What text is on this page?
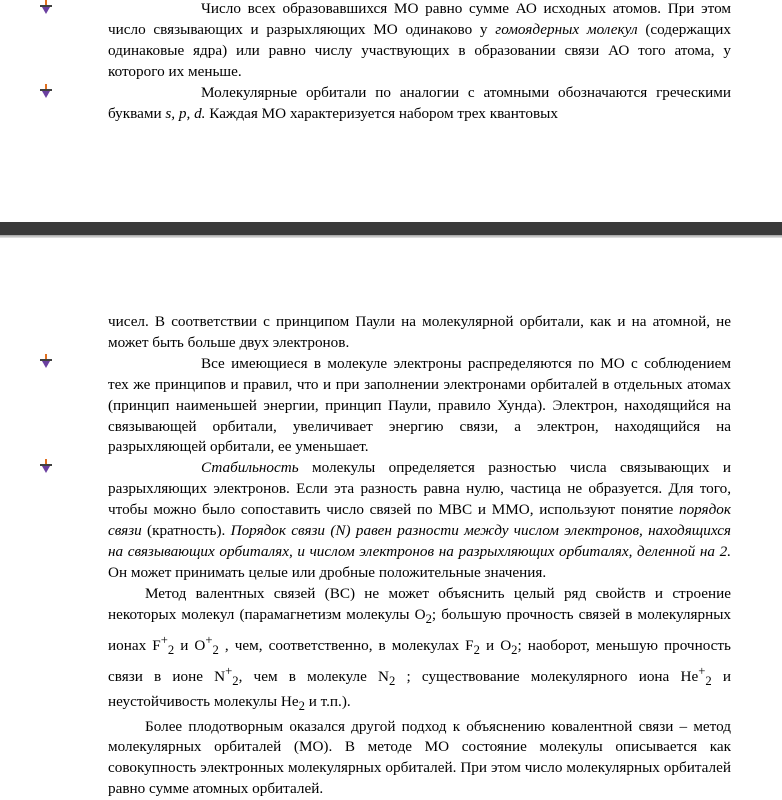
Число всех образовавшихся МО равно сумме АО исходных атомов. При этом число связывающих и разрыхляющих МО одинаково у гомоядерных молекул (содержащих одинаковые ядра) или равно числу участвующих в образовании связи АО того атома, у которого их меньше.

Молекулярные орбитали по аналогии с атомными обозначаются греческими буквами s, p, d. Каждая МО характеризуется набором трех квантовых

чисел. В соответствии с принципом Паули на молекулярной орбитали, как и на атомной, не может быть больше двух электронов.

Все имеющиеся в молекуле электроны распределяются по МО с соблюдением тех же принципов и правил, что и при заполнении электронами орбиталей в отдельных атомах (принцип наименьшей энергии, принцип Паули, правило Хунда). Электрон, находящийся на связывающей орбитали, увеличивает энергию связи, а электрон, находящийся на разрыхляющей орбитали, ее уменьшает.

Стабильность молекулы определяется разностью числа связывающих и разрыхляющих электронов. Если эта разность равна нулю, частица не образуется. Для того, чтобы можно было сопоставить число связей по МВС и ММО, используют понятие порядок связи (кратность). Порядок связи (N) равен разности между числом электронов, находящихся на связывающих орбиталях, и числом электронов на разрыхляющих орбиталях, деленной на 2. Он может принимать целые или дробные положительные значения.

Метод валентных связей (ВС) не может объяснить целый ряд свойств и строение некоторых молекул (парамагнетизм молекулы $O_2$; большую прочность связей в молекулярных ионах $F^+_2$ и $O^+_2$ , чем, соответственно, в молекулах $F_2$ и $O_2$; наоборот, меньшую прочность связи в ионе $N^+_2$, чем в молекуле $N_2$ ; существование молекулярного иона $He^+_2$ и неустойчивость молекулы $He_2$ и т.п.).

Более плодотворным оказался другой подход к объяснению ковалентной связи – метод молекулярных орбиталей (МО). В методе МО состояние молекулы описывается как совокупность электронных молекулярных орбиталей. При этом число молекулярных орбиталей равно сумме атомных орбиталей.
